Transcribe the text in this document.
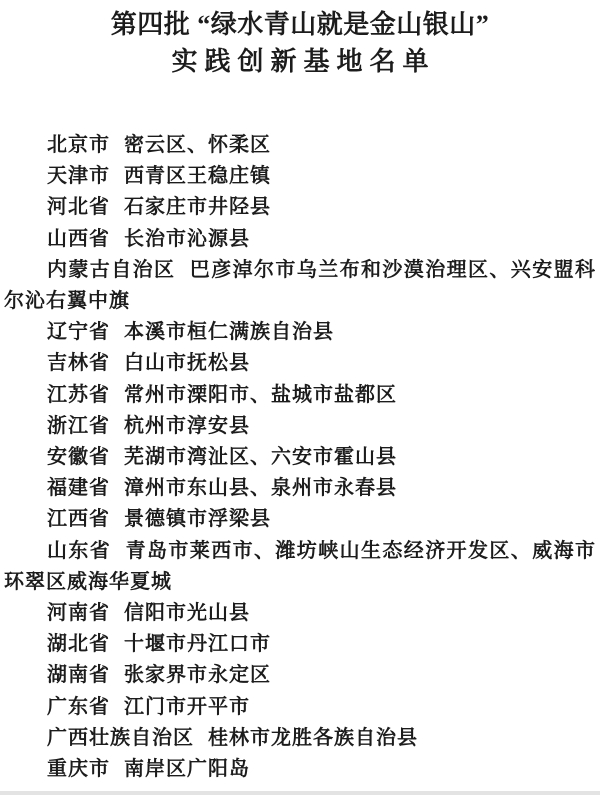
第四批 “绿水青山就是金山银山”
实践创新基地名单

北京市 密云区、怀柔区

天津市 西青区王稳庄镇

河北省 石家庄市井陉县

山西省 长治市沁源县

内蒙古自治区 巴彦淖尔市乌兰布和沙漠治理区、兴安盟科尔沁右翼中旗

辽宁省 本溪市桓仁满族自治县

吉林省 白山市抚松县

江苏省 常州市溧阳市、盐城市盐都区

浙江省 杭州市淳安县

安徽省 芜湖市湾沚区、六安市霍山县

福建省 漳州市东山县、泉州市永春县

江西省 景德镇市浮梁县

山东省 青岛市莱西市、潍坊峡山生态经济开发区、威海市环翠区威海华夏城

河南省 信阳市光山县

湖北省 十堰市丹江口市

湖南省 张家界市永定区

广东省 江门市开平市

广西壮族自治区 桂林市龙胜各族自治县

重庆市 南岸区广阳岛
